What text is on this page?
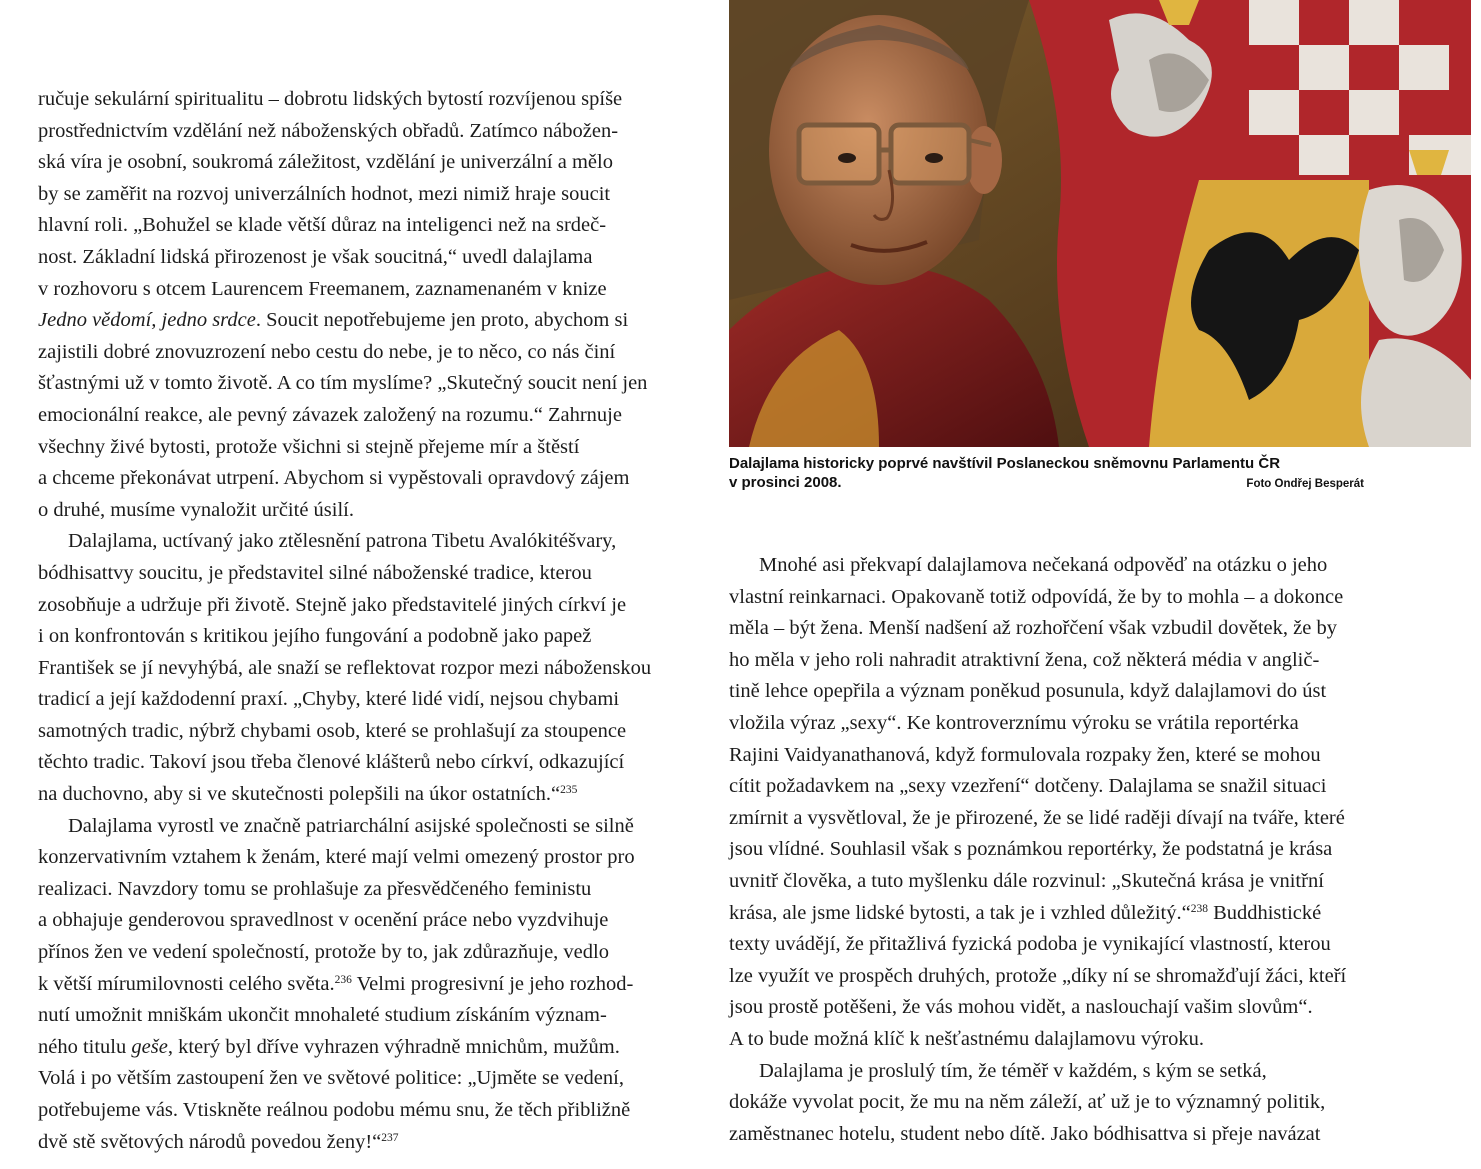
ručuje sekulární spiritualitu – dobrotu lidských bytostí rozvíjenou spíše
prostřednictvím vzdělání než náboženských obřadů. Zatímco nábožen-
ská víra je osobní, soukromá záležitost, vzdělání je univerzální a mělo
by se zaměřit na rozvoj univerzálních hodnot, mezi nimiž hraje soucit
hlavní roli. „Bohužel se klade větší důraz na inteligenci než na srdeč-
nost. Základní lidská přirozenost je však soucitná,“ uvedl dalajlama
v rozhovoru s otcem Laurencem Freemanem, zaznamenaném v knize
Jedno vědomí, jedno srdce. Soucit nepotřebujeme jen proto, abychom si
zajistili dobré znovuzrození nebo cestu do nebe, je to něco, co nás činí
šťastnými už v tomto životě. A co tím myslíme? „Skutečný soucit není jen
emocionální reakce, ale pevný závazek založený na rozumu.“ Zahrnuje
všechny živé bytosti, protože všichni si stejně přejeme mír a štěstí
a chceme překonávat utrpení. Abychom si vypěstovali opravdový zájem
o druhé, musíme vynaložit určité úsilí.
Dalajlama, uctívaný jako ztělesnění patrona Tibetu Avalókitéšvary,
bódhisattvy soucitu, je představitel silné náboženské tradice, kterou
zosobňuje a udržuje při životě. Stejně jako představitelé jiných církví je
i on konfrontován s kritikou jejího fungování a podobně jako papež
František se jí nevyhýbá, ale snaží se reflektovat rozpor mezi náboženskou
tradicí a její každodenní praxí. „Chyby, které lidé vidí, nejsou chybami
samotných tradic, nýbrž chybami osob, které se prohlašují za stoupence
těchto tradic. Takoví jsou třeba členové klášterů nebo církví, odkazující
na duchovno, aby si ve skutečnosti polepšili na úkor ostatních.“$^{235}$
Dalajlama vyrostl ve značně patriarchální asijské společnosti se silně
konzervativním vztahem k ženám, které mají velmi omezený prostor pro
realizaci. Navzdory tomu se prohlašuje za přesvědčeného feministu
a obhajuje genderovou spravedlnost v ocenění práce nebo vyzdvihuje
přínos žen ve vedení společností, protože by to, jak zdůrazňuje, vedlo
k větší mírumilovnosti celého světa.$^{236}$ Velmi progresivní je jeho rozhod-
nutí umožnit mniškám ukončit mnohaleté studium získáním význam-
ného titulu geše, který byl dříve vyhrazen výhradně mnichům, mužům.
Volá i po větším zastoupení žen ve světové politice: „Ujměte se vedení,
potřebujeme vás. Vtiskněte reálnou podobu mému snu, že těch přibližně
dvě stě světových národů povedou ženy!“$^{237}$
Dalajlama historicky poprvé navštívil Poslaneckou sněmovnu Parlamentu ČR
v prosinci 2008.	Foto Ondřej Besperát
Mnohé asi překvapí dalajlamova nečekaná odpověď na otázku o jeho
vlastní reinkarnaci. Opakovaně totiž odpovídá, že by to mohla – a dokonce
měla – být žena. Menší nadšení až rozhořčení však vzbudil dovětek, že by
ho měla v jeho roli nahradit atraktivní žena, což některá média v anglič-
tině lehce opepřila a význam poněkud posunula, když dalajlamovi do úst
vložila výraz „sexy“. Ke kontroverznímu výroku se vrátila reportérka
Rajini Vaidyanathanová, když formulovala rozpaky žen, které se mohou
cítit požadavkem na „sexy vzezření“ dotčeny. Dalajlama se snažil situaci
zmírnit a vysvětloval, že je přirozené, že se lidé raději dívají na tváře, které
jsou vlídné. Souhlasil však s poznámkou reportérky, že podstatná je krása
uvnitř člověka, a tuto myšlenku dále rozvinul: „Skutečná krása je vnitřní
krása, ale jsme lidské bytosti, a tak je i vzhled důležitý.“$^{238}$ Buddhistické
texty uvádějí, že přitažlivá fyzická podoba je vynikající vlastností, kterou
lze využít ve prospěch druhých, protože „díky ní se shromažďují žáci, kteří
jsou prostě potěšeni, že vás mohou vidět, a naslouchají vašim slovům“.
A to bude možná klíč k nešťastnému dalajlamovu výroku.
Dalajlama je proslulý tím, že téměř v každém, s kým se setká,
dokáže vyvolat pocit, že mu na něm záleží, ať už je to významný politik,
zaměstnanec hotelu, student nebo dítě. Jako bódhisattva si přeje navázat
